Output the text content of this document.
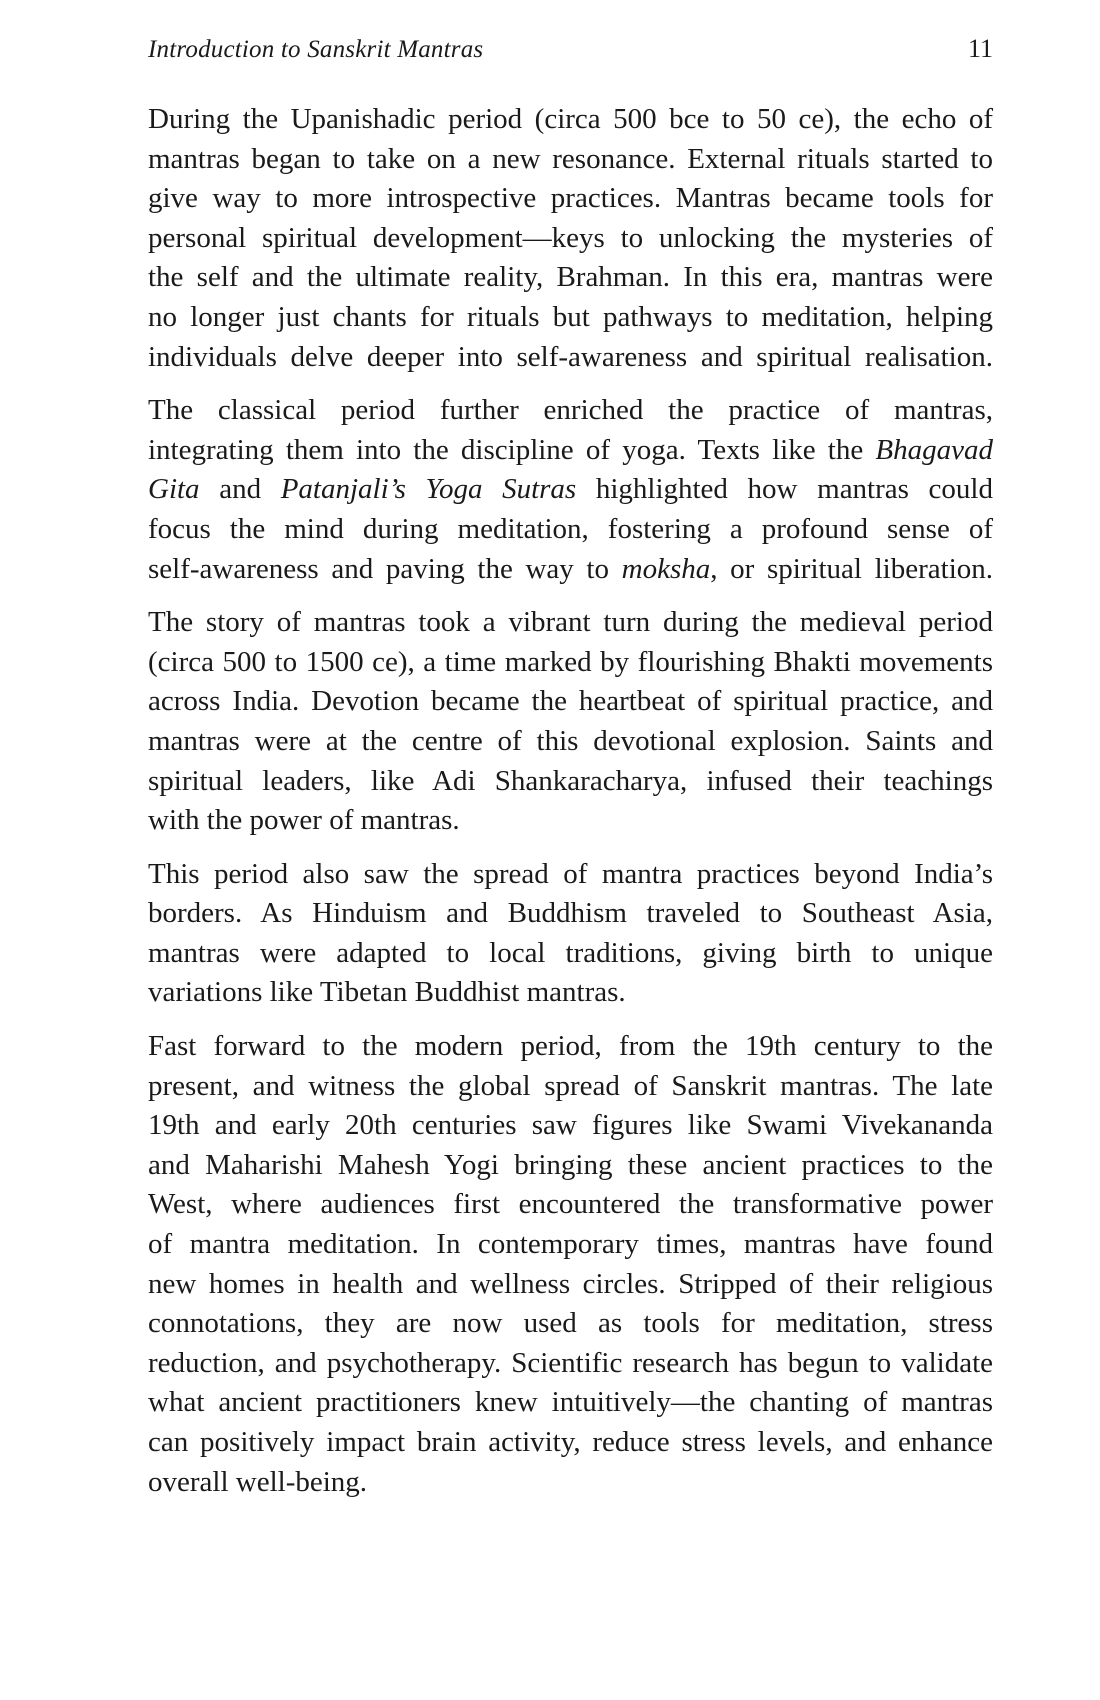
Introduction to Sanskrit Mantras	11
During the Upanishadic period (circa 500 bce to 50 ce), the echo of
mantras began to take on a new resonance. External rituals started to
give way to more introspective practices. Mantras became tools for
personal spiritual development—keys to unlocking the mysteries of
the self and the ultimate reality, Brahman. In this era, mantras were
no longer just chants for rituals but pathways to meditation, helping
individuals delve deeper into self-awareness and spiritual realisation.
The classical period further enriched the practice of mantras,
integrating them into the discipline of yoga. Texts like the Bhagavad
Gita and Patanjali’s Yoga Sutras highlighted how mantras could
focus the mind during meditation, fostering a profound sense of
self-awareness and paving the way to moksha, or spiritual liberation.
The story of mantras took a vibrant turn during the medieval period
(circa 500 to 1500 ce), a time marked by flourishing Bhakti movements
across India. Devotion became the heartbeat of spiritual practice, and
mantras were at the centre of this devotional explosion. Saints and
spiritual leaders, like Adi Shankaracharya, infused their teachings
with the power of mantras.
This period also saw the spread of mantra practices beyond India’s
borders. As Hinduism and Buddhism traveled to Southeast Asia,
mantras were adapted to local traditions, giving birth to unique
variations like Tibetan Buddhist mantras.
Fast forward to the modern period, from the 19th century to the
present, and witness the global spread of Sanskrit mantras. The late
19th and early 20th centuries saw figures like Swami Vivekananda
and Maharishi Mahesh Yogi bringing these ancient practices to the
West, where audiences first encountered the transformative power
of mantra meditation. In contemporary times, mantras have found
new homes in health and wellness circles. Stripped of their religious
connotations, they are now used as tools for meditation, stress
reduction, and psychotherapy. Scientific research has begun to validate
what ancient practitioners knew intuitively—the chanting of mantras
can positively impact brain activity, reduce stress levels, and enhance
overall well-being.
